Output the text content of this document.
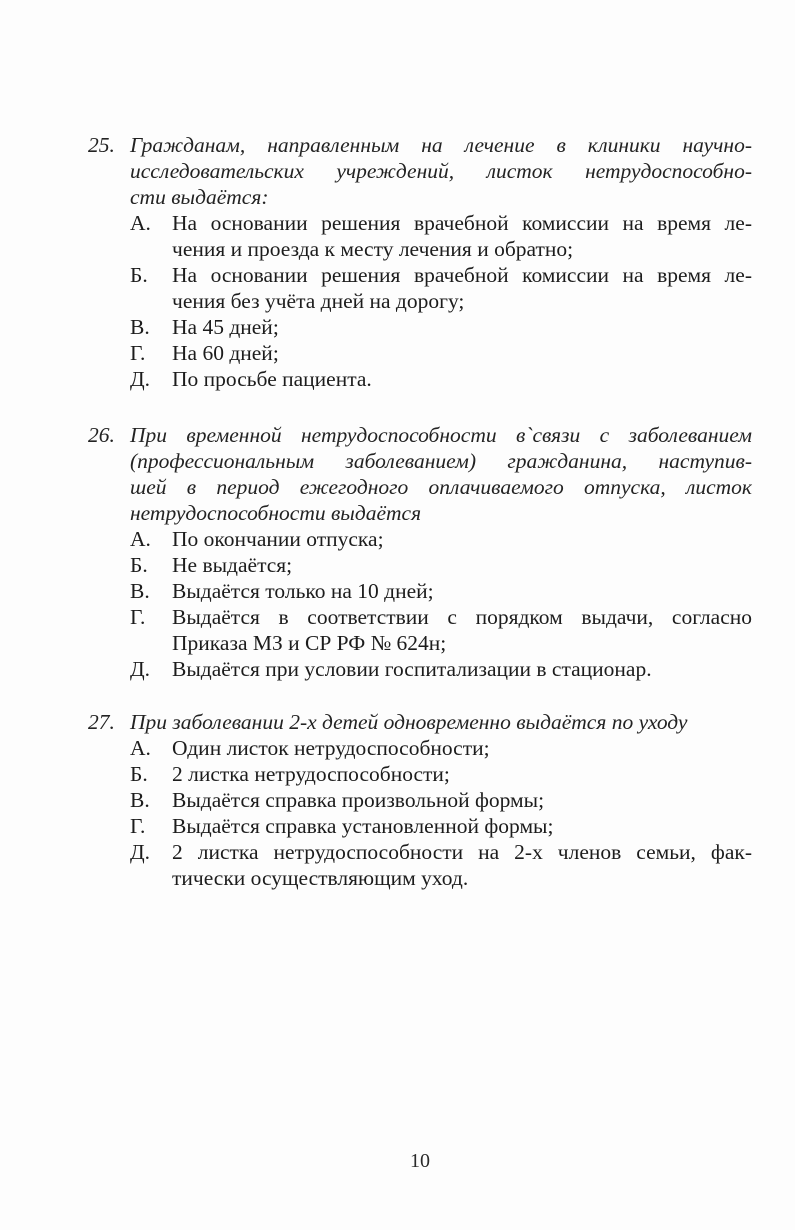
25. Гражданам, направленным на лечение в клиники научно-
исследовательских учреждений, листок нетрудоспособно-
сти выдаётся:
А. На основании решения врачебной комиссии на время ле-
чения и проезда к месту лечения и обратно;
Б. На основании решения врачебной комиссии на время ле-
чения без учёта дней на дорогу;
В. На 45 дней;
Г. На 60 дней;
Д. По просьбе пациента.
26. При временной нетрудоспособности в`связи с заболеванием
(профессиональным заболеванием) гражданина, наступив-
шей в период ежегодного оплачиваемого отпуска, листок
нетрудоспособности выдаётся
А. По окончании отпуска;
Б. Не выдаётся;
В. Выдаётся только на 10 дней;
Г. Выдаётся в соответствии с порядком выдачи, согласно
Приказа МЗ и СР РФ № 624н;
Д. Выдаётся при условии госпитализации в стационар.
27. При заболевании 2-х детей одновременно выдаётся по уходу
А. Один листок нетрудоспособности;
Б. 2 листка нетрудоспособности;
В. Выдаётся справка произвольной формы;
Г. Выдаётся справка установленной формы;
Д. 2 листка нетрудоспособности на 2-х членов семьи, фак-
тически осуществляющим уход.
10
